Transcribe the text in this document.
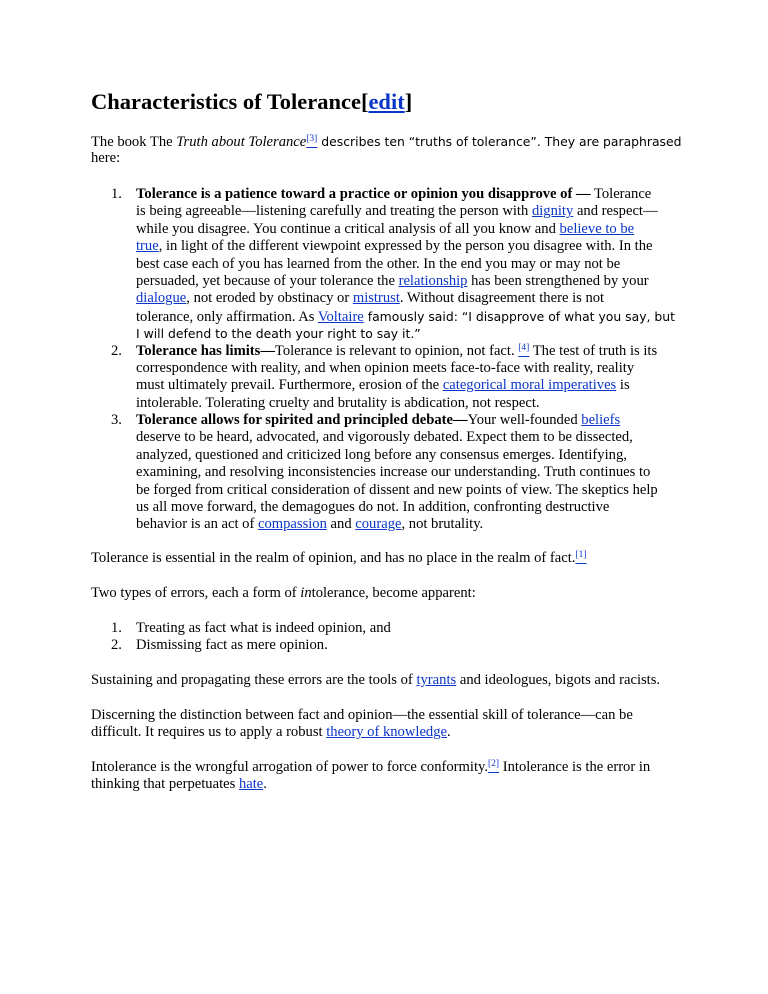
Characteristics of Tolerance[edit]

The book The Truth about Tolerance[3] describes ten “truths of tolerance”. They are paraphrased
here:

1. Tolerance is a patience toward a practice or opinion you disapprove of — Tolerance
is being agreeable—listening carefully and treating the person with dignity and respect—
while you disagree. You continue a critical analysis of all you know and believe to be
true, in light of the different viewpoint expressed by the person you disagree with. In the
best case each of you has learned from the other. In the end you may or may not be
persuaded, yet because of your tolerance the relationship has been strengthened by your
dialogue, not eroded by obstinacy or mistrust. Without disagreement there is not
tolerance, only affirmation. As Voltaire famously said: “I disapprove of what you say, but
I will defend to the death your right to say it.”
2. Tolerance has limits—Tolerance is relevant to opinion, not fact. [4] The test of truth is its
correspondence with reality, and when opinion meets face-to-face with reality, reality
must ultimately prevail. Furthermore, erosion of the categorical moral imperatives is
intolerable. Tolerating cruelty and brutality is abdication, not respect.
3. Tolerance allows for spirited and principled debate—Your well-founded beliefs
deserve to be heard, advocated, and vigorously debated. Expect them to be dissected,
analyzed, questioned and criticized long before any consensus emerges. Identifying,
examining, and resolving inconsistencies increase our understanding. Truth continues to
be forged from critical consideration of dissent and new points of view. The skeptics help
us all move forward, the demagogues do not. In addition, confronting destructive
behavior is an act of compassion and courage, not brutality.

Tolerance is essential in the realm of opinion, and has no place in the realm of fact.[1]

Two types of errors, each a form of intolerance, become apparent:

1. Treating as fact what is indeed opinion, and
2. Dismissing fact as mere opinion.

Sustaining and propagating these errors are the tools of tyrants and ideologues, bigots and racists.

Discerning the distinction between fact and opinion—the essential skill of tolerance—can be
difficult. It requires us to apply a robust theory of knowledge.

Intolerance is the wrongful arrogation of power to force conformity.[2] Intolerance is the error in
thinking that perpetuates hate.
